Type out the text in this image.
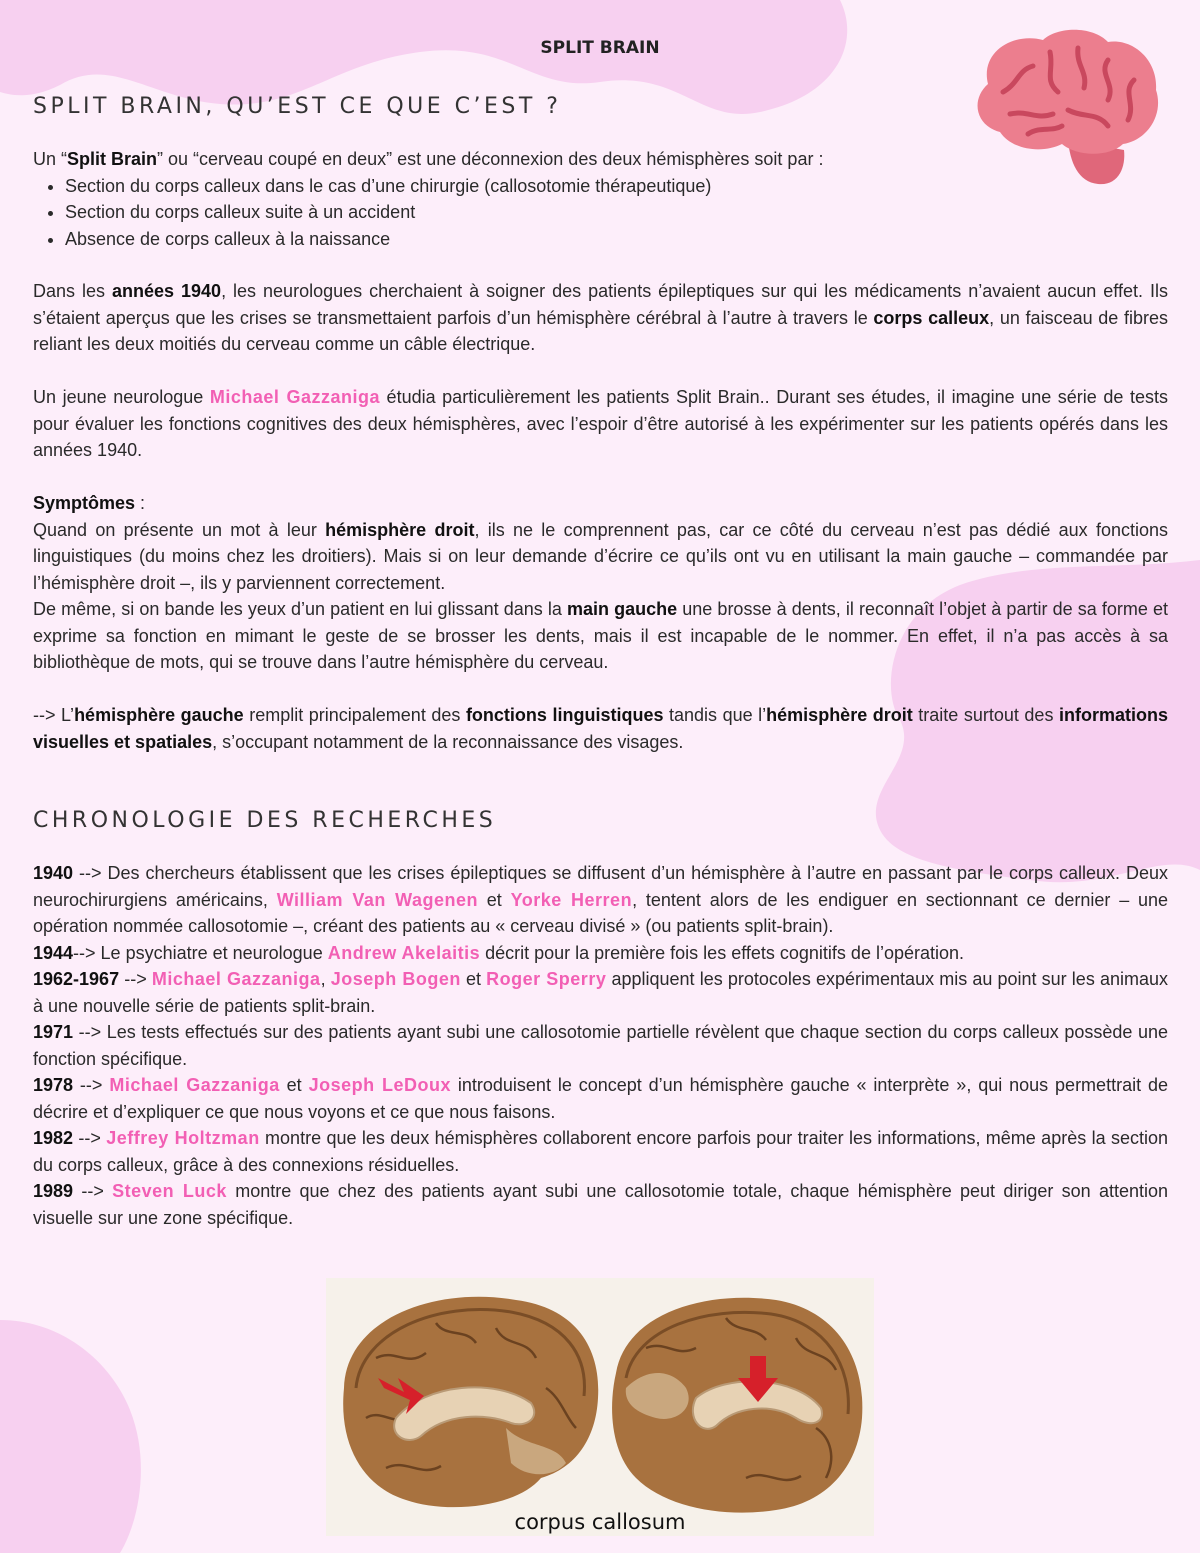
SPLIT BRAIN
SPLIT BRAIN, QU’EST CE QUE C’EST ?

Un “Split Brain” ou “cerveau coupé en deux” est une déconnexion des deux hémisphères soit par :

• Section du corps calleux dans le cas d’une chirurgie (callosotomie thérapeutique)
• Section du corps calleux suite à un accident
• Absence de corps calleux à la naissance

Dans les années 1940, les neurologues cherchaient à soigner des patients épileptiques sur qui les médicaments n’avaient aucun effet. Ils s’étaient aperçus que les crises se transmettaient parfois d’un hémisphère cérébral à l’autre à travers le corps calleux, un faisceau de fibres reliant les deux moitiés du cerveau comme un câble électrique.

Un jeune neurologue Michael Gazzaniga étudia particulièrement les patients Split Brain.. Durant ses études, il imagine une série de tests pour évaluer les fonctions cognitives des deux hémisphères, avec l’espoir d’être autorisé à les expérimenter sur les patients opérés dans les années 1940.

Symptômes :

Quand on présente un mot à leur hémisphère droit, ils ne le comprennent pas, car ce côté du cerveau n’est pas dédié aux fonctions linguistiques (du moins chez les droitiers). Mais si on leur demande d’écrire ce qu’ils ont vu en utilisant la main gauche – commandée par l’hémisphère droit –, ils y parviennent correctement.

De même, si on bande les yeux d’un patient en lui glissant dans la main gauche une brosse à dents, il reconnaît l’objet à partir de sa forme et exprime sa fonction en mimant le geste de se brosser les dents, mais il est incapable de le nommer. En effet, il n’a pas accès à sa bibliothèque de mots, qui se trouve dans l’autre hémisphère du cerveau.

--> L’hémisphère gauche remplit principalement des fonctions linguistiques tandis que l’hémisphère droit traite surtout des informations visuelles et spatiales, s’occupant notamment de la reconnaissance des visages.

CHRONOLOGIE DES RECHERCHES

1940 --> Des chercheurs établissent que les crises épileptiques se diffusent d’un hémisphère à l’autre en passant par le corps calleux. Deux neurochirurgiens américains, William Van Wagenen et Yorke Herren, tentent alors de les endiguer en sectionnant ce dernier – une opération nommée callosotomie –, créant des patients au « cerveau divisé » (ou patients split-brain).

1944--> Le psychiatre et neurologue Andrew Akelaitis décrit pour la première fois les effets cognitifs de l’opération.

1962-1967 --> Michael Gazzaniga, Joseph Bogen et Roger Sperry appliquent les protocoles expérimentaux mis au point sur les animaux à une nouvelle série de patients split-brain.

1971 --> Les tests effectués sur des patients ayant subi une callosotomie partielle révèlent que chaque section du corps calleux possède une fonction spécifique.

1978 --> Michael Gazzaniga et Joseph LeDoux introduisent le concept d’un hémisphère gauche « interprète », qui nous permettrait de décrire et d’expliquer ce que nous voyons et ce que nous faisons.

1982 --> Jeffrey Holtzman montre que les deux hémisphères collaborent encore parfois pour traiter les informations, même après la section du corps calleux, grâce à des connexions résiduelles.

1989 --> Steven Luck montre que chez des patients ayant subi une callosotomie totale, chaque hémisphère peut diriger son attention visuelle sur une zone spécifique.

corpus callosum
